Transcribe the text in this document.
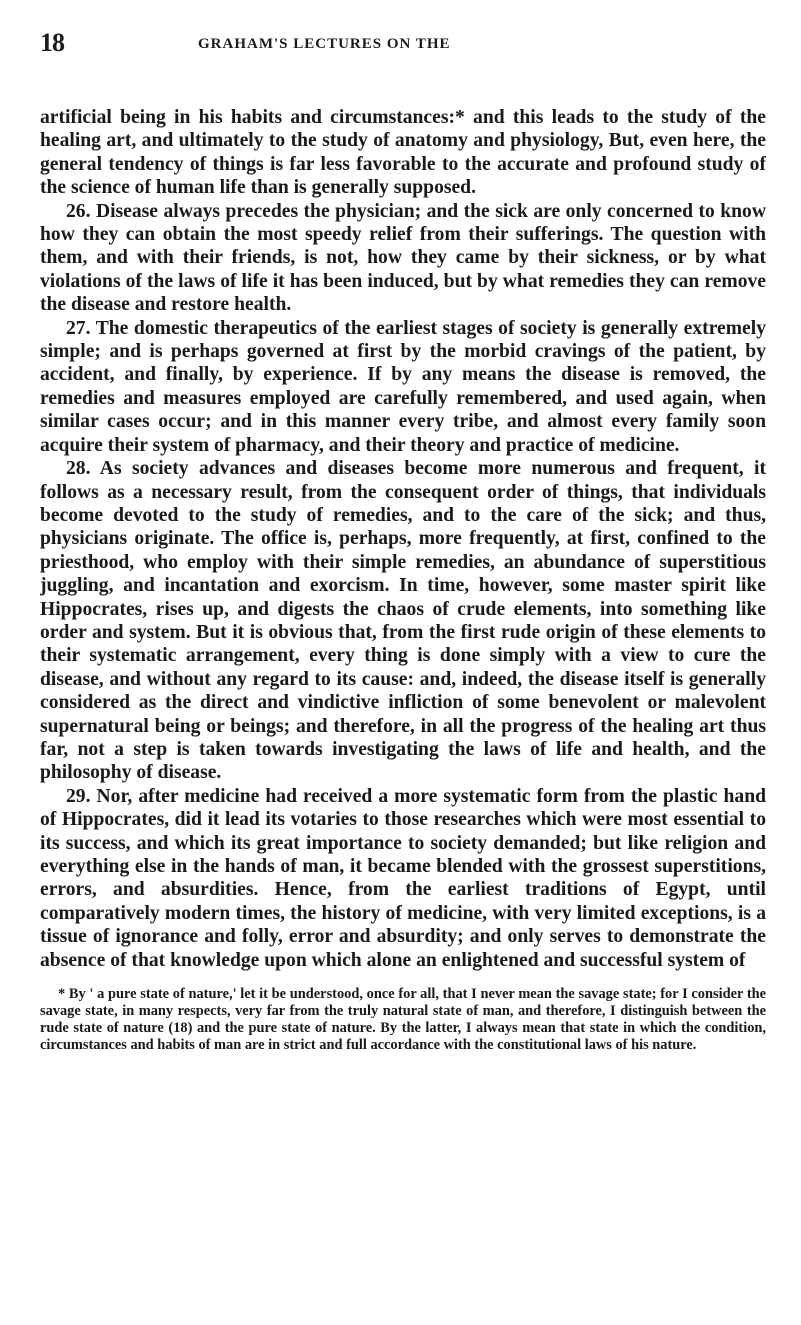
18	GRAHAM'S LECTURES ON THE

artificial being in his habits and circumstances:* and this leads to the study of the healing art, and ultimately to the study of anatomy and physiology, But, even here, the general tendency of things is far less favorable to the accurate and profound study of the science of human life than is generally supposed.

26. Disease always precedes the physician; and the sick are only concerned to know how they can obtain the most speedy relief from their sufferings. The question with them, and with their friends, is not, how they came by their sickness, or by what violations of the laws of life it has been induced, but by what remedies they can remove the disease and restore health.

27. The domestic therapeutics of the earliest stages of society is generally extremely simple; and is perhaps governed at first by the morbid cravings of the patient, by accident, and finally, by experience. If by any means the disease is removed, the remedies and measures employed are carefully remembered, and used again, when similar cases occur; and in this manner every tribe, and almost every family soon acquire their system of pharmacy, and their theory and practice of medicine.

28. As society advances and diseases become more numerous and frequent, it follows as a necessary result, from the consequent order of things, that individuals become devoted to the study of remedies, and to the care of the sick; and thus, physicians originate. The office is, perhaps, more frequently, at first, confined to the priesthood, who employ with their simple remedies, an abundance of superstitious juggling, and incantation and exorcism. In time, however, some master spirit like Hippocrates, rises up, and digests the chaos of crude elements, into something like order and system. But it is obvious that, from the first rude origin of these elements to their systematic arrangement, every thing is done simply with a view to cure the disease, and without any regard to its cause: and, indeed, the disease itself is generally considered as the direct and vindictive infliction of some benevolent or malevolent supernatural being or beings; and therefore, in all the progress of the healing art thus far, not a step is taken towards investigating the laws of life and health, and the philosophy of disease.

29. Nor, after medicine had received a more systematic form from the plastic hand of Hippocrates, did it lead its votaries to those researches which were most essential to its success, and which its great importance to society demanded; but like religion and everything else in the hands of man, it became blended with the grossest superstitions, errors, and absurdities. Hence, from the earliest traditions of Egypt, until comparatively modern times, the history of medicine, with very limited exceptions, is a tissue of ignorance and folly, error and absurdity; and only serves to demonstrate the absence of that knowledge upon which alone an enlightened and successful system of

* By ' a pure state of nature,' let it be understood, once for all, that I never mean the savage state; for I consider the savage state, in many respects, very far from the truly natural state of man, and therefore, I distinguish between the rude state of nature (18) and the pure state of nature. By the latter, I always mean that state in which the condition, circumstances and habits of man are in strict and full accordance with the constitutional laws of his nature.
